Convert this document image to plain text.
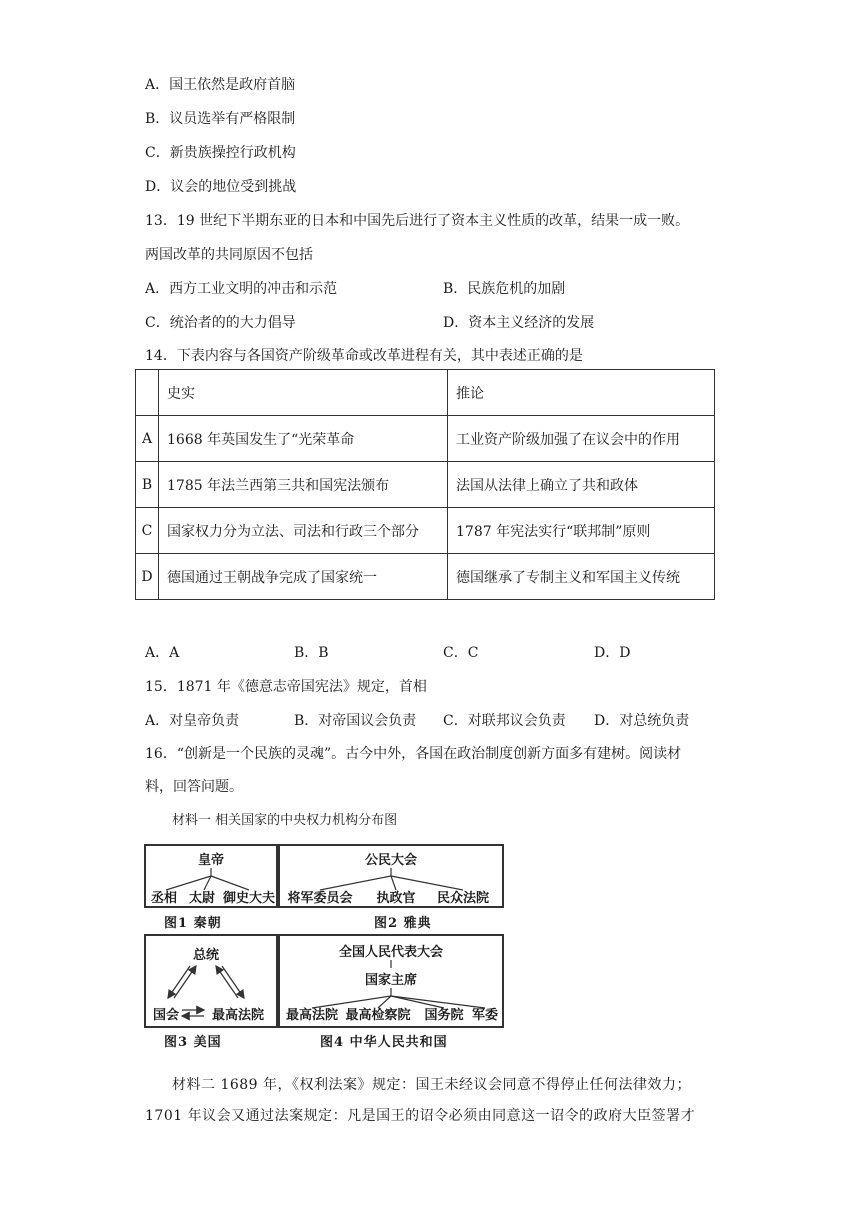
A．国王依然是政府首脑
B．议员选举有严格限制
C．新贵族操控行政机构
D．议会的地位受到挑战
13．19 世纪下半期东亚的日本和中国先后进行了资本主义性质的改革，结果一成一败。
两国改革的共同原因不包括
A．西方工业文明的冲击和示范	B．民族危机的加剧
C．统治者的的大力倡导	D．资本主义经济的发展
14．下表内容与各国资产阶级革命或改革进程有关，其中表述正确的是
	史实	推论
A	1668 年英国发生了“光荣革命	工业资产阶级加强了在议会中的作用
B	1785 年法兰西第三共和国宪法颁布	法国从法律上确立了共和政体
C	国家权力分为立法、司法和行政三个部分	1787 年宪法实行“联邦制”原则
D	德国通过王朝战争完成了国家统一	德国继承了专制主义和军国主义传统
A．A	B．B	C．C	D．D
15．1871 年《德意志帝国宪法》规定，首相
A．对皇帝负责	B．对帝国议会负责 C．对联邦议会负责 D．对总统负责
16．“创新是一个民族的灵魂”。古今中外，各国在政治制度创新方面多有建树。阅读材
料，回答问题。
材料一 相关国家的中央权力机构分布图
皇帝
丞相 太尉 御史大夫
图1 秦朝
公民大会
将军委员会 执政官 民众法院
图2 雅典
总统
国会	最高法院
图3 美国
全国人民代表大会
国家主席
最高法院 最高检察院 国务院 军委
图4 中华人民共和国
材料二 1689 年，《权利法案》规定：国王未经议会同意不得停止任何法律效力；
1701 年议会又通过法案规定：凡是国王的诏令必须由同意这一诏令的政府大臣签署才
